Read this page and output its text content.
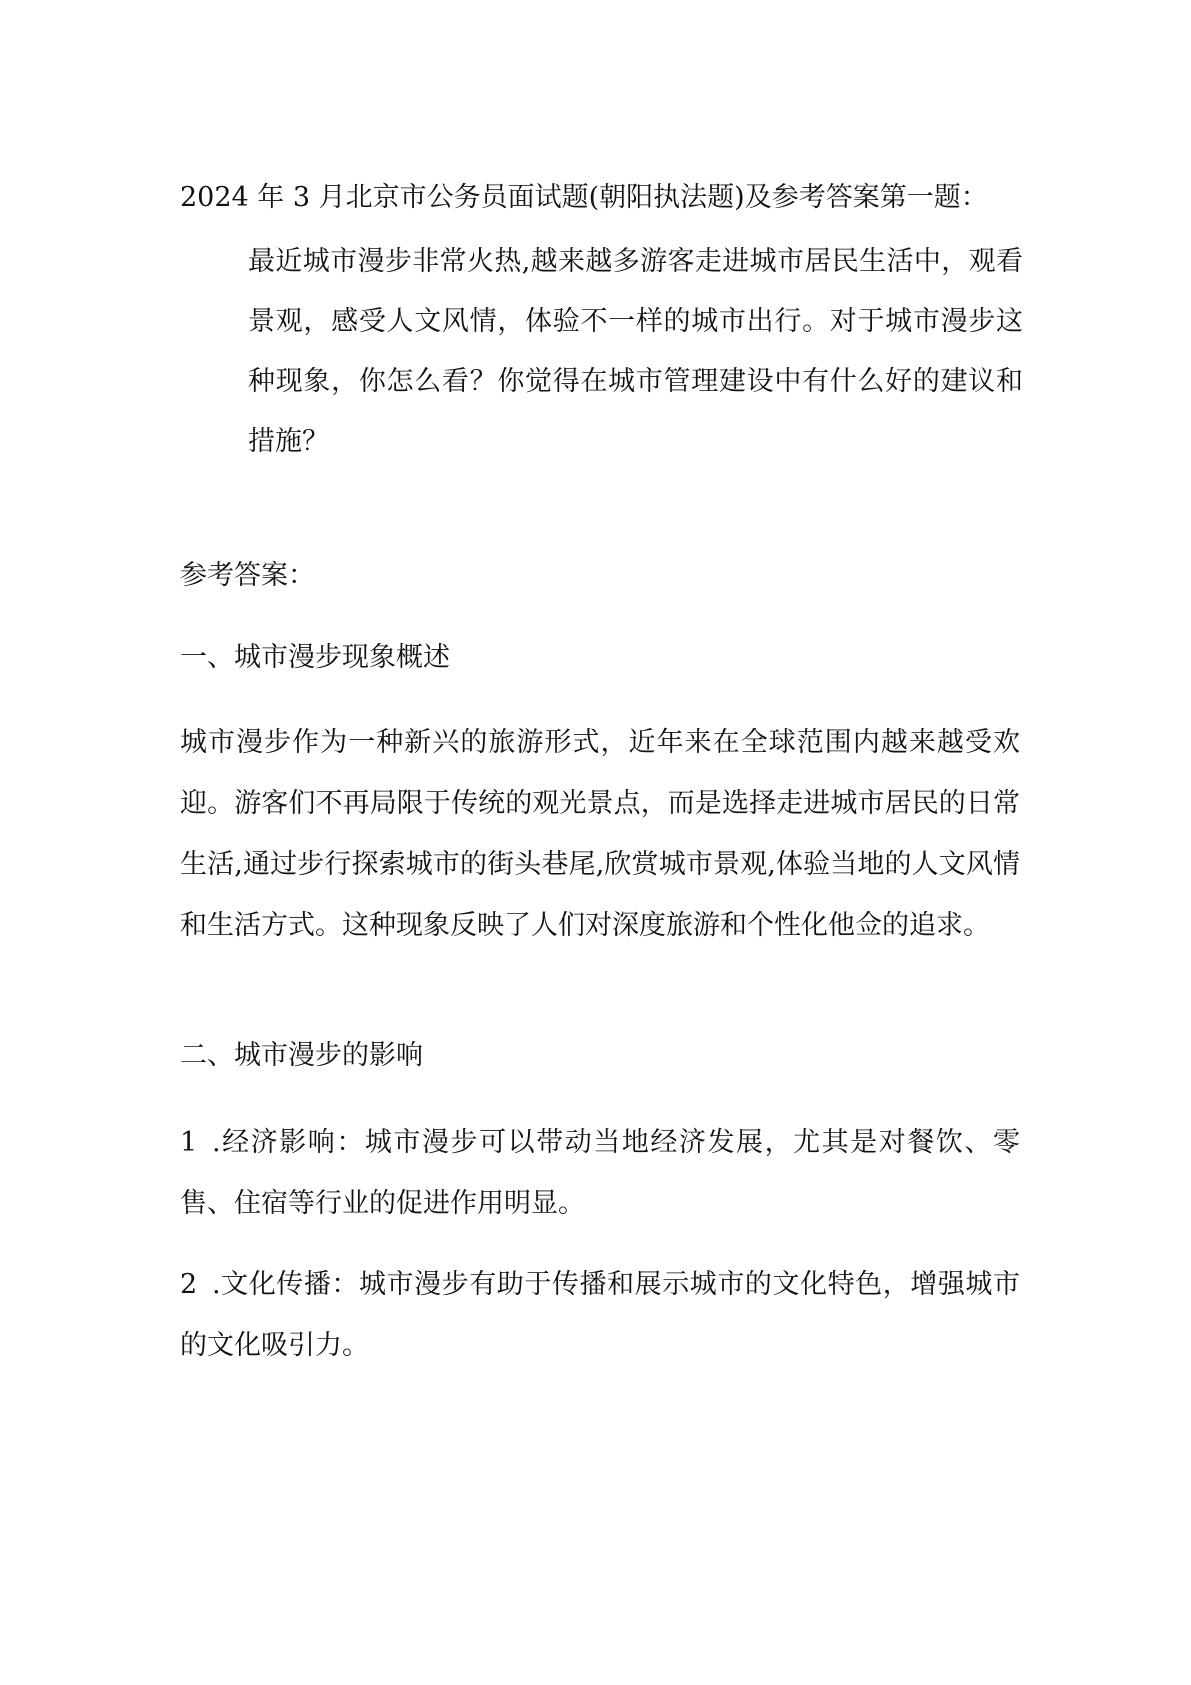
2024 年 3 月北京市公务员面试题(朝阳执法题)及参考答案第一题：
最近城市漫步非常火热,越来越多游客走进城市居民生活中，观看景观，感受人文风情，体验不一样的城市出行。对于城市漫步这种现象，你怎么看？你觉得在城市管理建设中有什么好的建议和措施？
参考答案：
一、城市漫步现象概述
城市漫步作为一种新兴的旅游形式，近年来在全球范围内越来越受欢迎。游客们不再局限于传统的观光景点，而是选择走进城市居民的日常生活,通过步行探索城市的街头巷尾,欣赏城市景观,体验当地的人文风情和生活方式。这种现象反映了人们对深度旅游和个性化他佥的追求。
二、城市漫步的影响
1 .经济影响：城市漫步可以带动当地经济发展，尤其是对餐饮、零售、住宿等行业的促进作用明显。
2 .文化传播：城市漫步有助于传播和展示城市的文化特色，增强城市的文化吸引力。
